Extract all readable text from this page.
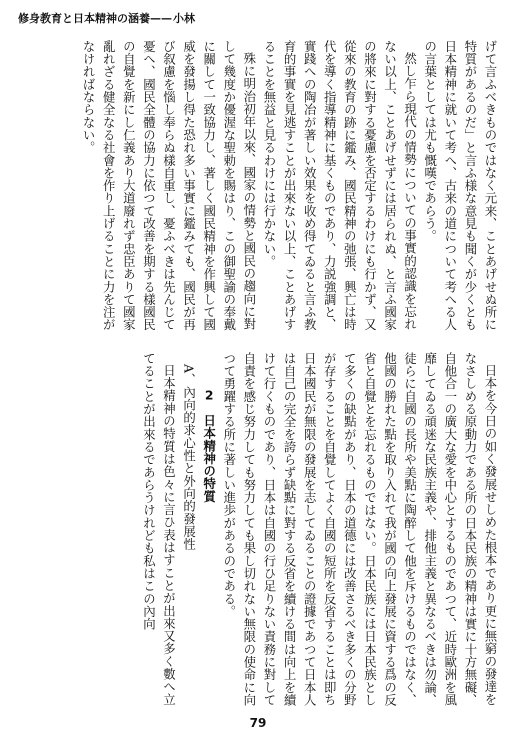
修身教育と日本精神の涵養——小林

げて言ふべきものではなく元来、ことあげせぬ所に特質があるのだ」と言ふ様な意見も聞くが少くとも日本精神に就いて考へ、古来の道について考へる人の言葉としては尤も慨嘆であらう。

然し乍ら現代の情勢についての事實的認識を忘れない以上、ことあげせずには居られぬ、と言ふ國家の將來に對する憂慮を否定するわけにも行かず、又從來の教育の跡に鑑み、國民精神の弛張、興亡は時代を導く指導精神に基くものであり、力説強調と、實踐への陶冶が著しい效果を收め得てゐると言ふ教育的事實を見逃すことが出來ない以上、ことあげすることを無益と見るわけには行かない。

殊に明治初年以來、國家の情勢と國民の趨向に對して幾度か優渥な聖勅を賜はり、この御聖諭の奉戴に關して一致協力し、著しく國民精神を作興して國威を發揚し得た恐れ多い事實に鑑みても、國民が再び叙慮を惱し奉らぬ樣自重し、憂ふべきは先んじて憂へ、國民全體の協力に依つて改善を期する樣國民の自覺を新にし仁義あり大道廢れず忠臣ありて國家亂れざる健全なる社會を作り上げることに力を注がなければならない。

日本を今日の如く發展せしめた根本であり更に無窮の發達をなさしめる原動力である所の日本民族の精神は實に十方無礙、自他合一の廣大な愛を中心とするものであつて、近時歐洲を風靡してゐる頑迷な民族主義や、排他主義と異なるべきは勿論、徒らに自國の長所や美點に陶醉して他を斥けるものではなく、他國の勝れた點を取り入れて我が國の向上發展に資する爲の反省と自覺とを忘れるものではない。日本民族には日本民族として多くの缺點があり、日本の道德には改善さるべき多くの分野が存することを自覺してよく自國の短所を反省することは即ち日本國民が無限の發展を志してゐることの證據であつて日本人は自己の完全を誇らず缺點に對する反省を續ける間は向上を續けて行くものであり、日本は自國の行ひ足りない責務に對して自責を感じ努力しても努力しても果し切れない無限の使命に向つて勇躍する所に著しい進歩があるのである。

2　日本精神の特質

A、內向的求心性と外向的發展性

日本精神の特質は色々に言ひ表はすことが出來又多く數へ立てることが出來るであらうけれども私はこの內向

79
